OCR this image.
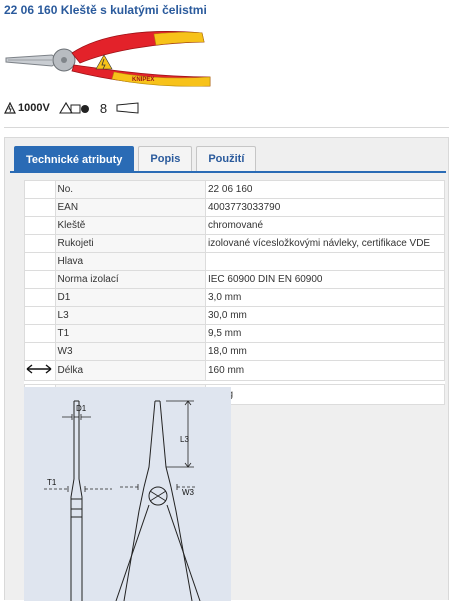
22 06 160 Kleště s kulatými čelistmi
KNIPEX
1000V	8
Technické atributy	Popis	Použití
	No.	22 06 160
	EAN	4003773033790
	Kleště	chromované
	Rukojeti	izolované vícesložkovými návleky, certifikace VDE
	Hlava	
	Norma izolací	IEC 60900 DIN EN 60900
	D1	3,0 mm
	L3	30,0 mm
	T1	9,5 mm
	W3	18,0 mm
	Délka	160 mm

	Hmotnost netto	175 g
D1
L3
T1
W3
